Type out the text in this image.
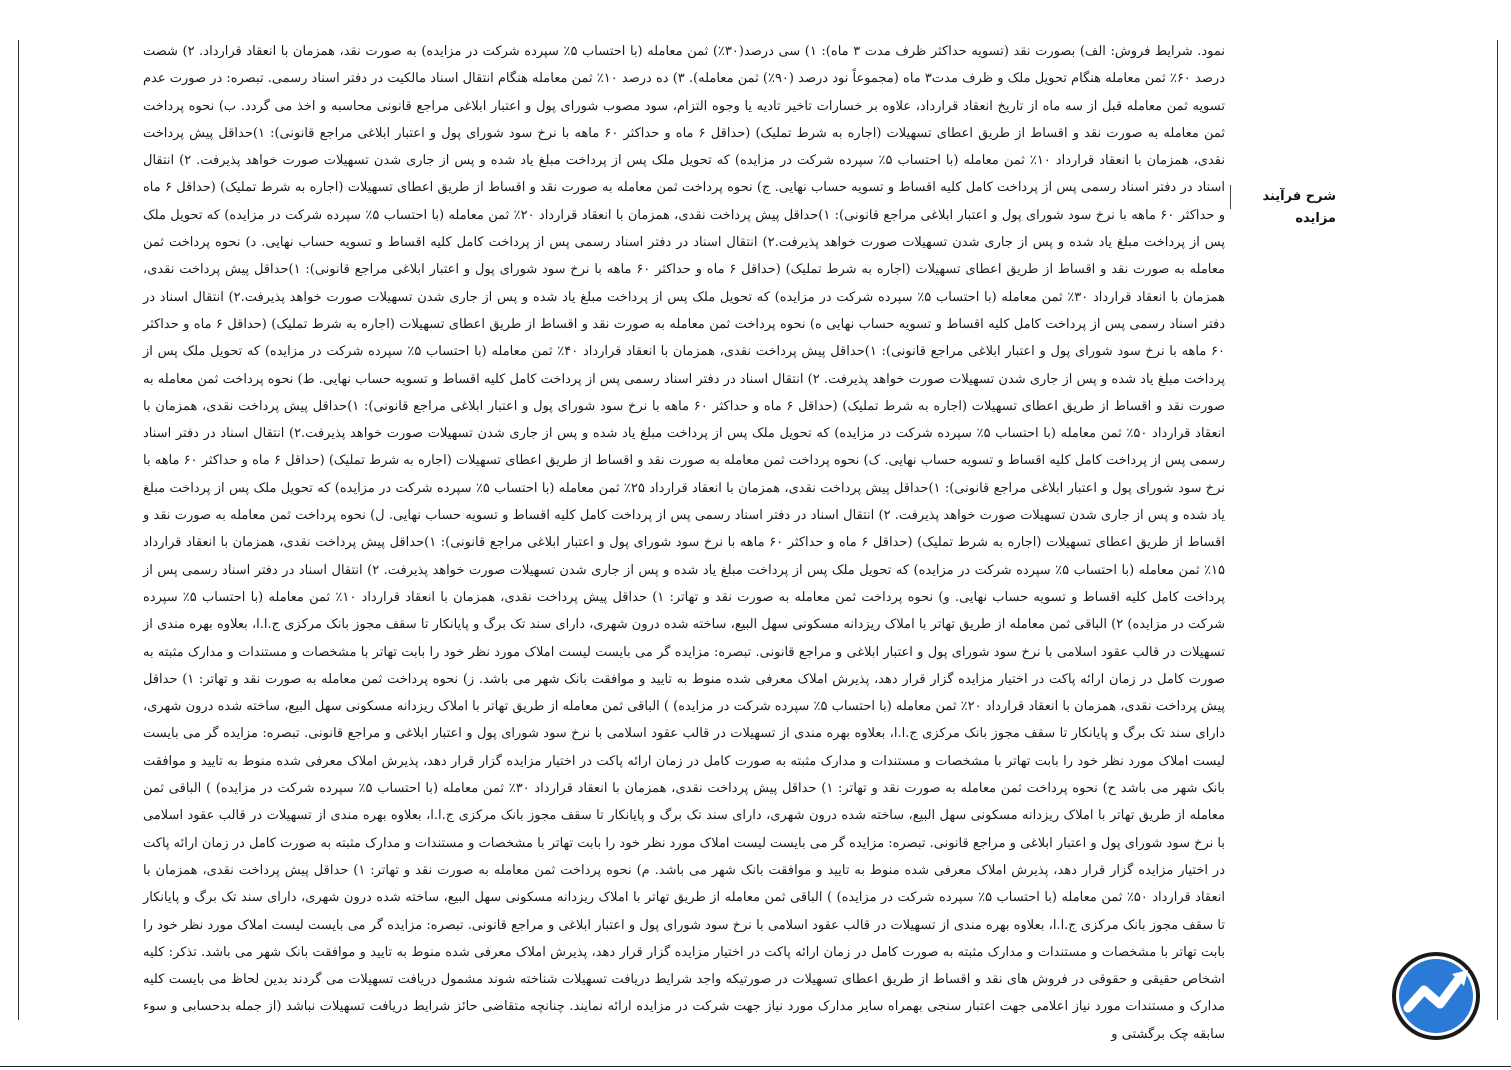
شرح فرآیند مزایده
نمود. شرایط فروش: الف) بصورت نقد (تسویه حداکثر ظرف مدت ۳ ماه): ۱) سی درصد(۳۰٪) ثمن معامله (با احتساب ۵٪ سپرده شرکت در مزایده) به صورت نقد، همزمان با انعقاد قرارداد. ۲) شصت درصد ۶۰٪ ثمن معامله هنگام تحویل ملک و ظرف مدت۳ ماه (مجموعاً نود درصد (۹۰٪) ثمن معامله). ۳) ده درصد ۱۰٪ ثمن معامله هنگام انتقال اسناد مالکیت در دفتر اسناد رسمی. تبصره: در صورت عدم تسویه ثمن معامله قبل از سه ماه از تاریخ انعقاد قرارداد، علاوه بر خسارات تاخیر تادیه یا وجوه التزام، سود مصوب شورای پول و اعتبار ابلاغی مراجع قانونی محاسبه و اخذ می گردد. ب) نحوه پرداخت ثمن معامله به صورت نقد و اقساط از طریق اعطای تسهیلات (اجاره به شرط تملیک) (حداقل ۶ ماه و حداکثر ۶۰ ماهه با نرخ سود شورای پول و اعتبار ابلاغی مراجع قانونی): ۱)حداقل پیش پرداخت نقدی، همزمان با انعقاد قرارداد ۱۰٪ ثمن معامله (با احتساب ۵٪ سپرده شرکت در مزایده) که تحویل ملک پس از پرداخت مبلغ یاد شده و پس از جاری شدن تسهیلات صورت خواهد پذیرفت. ۲) انتقال اسناد در دفتر اسناد رسمی پس از پرداخت کامل کلیه اقساط و تسویه حساب نهایی. ج) نحوه پرداخت ثمن معامله به صورت نقد و اقساط از طریق اعطای تسهیلات (اجاره به شرط تملیک) (حداقل ۶ ماه و حداکثر ۶۰ ماهه با نرخ سود شورای پول و اعتبار ابلاغی مراجع قانونی): ۱)حداقل پیش پرداخت نقدی، همزمان با انعقاد قرارداد ۲۰٪ ثمن معامله (با احتساب ۵٪ سپرده شرکت در مزایده) که تحویل ملک پس از پرداخت مبلغ یاد شده و پس از جاری شدن تسهیلات صورت خواهد پذیرفت.۲) انتقال اسناد در دفتر اسناد رسمی پس از پرداخت کامل کلیه اقساط و تسویه حساب نهایی. د) نحوه پرداخت ثمن معامله به صورت نقد و اقساط از طریق اعطای تسهیلات (اجاره به شرط تملیک) (حداقل ۶ ماه و حداکثر ۶۰ ماهه با نرخ سود شورای پول و اعتبار ابلاغی مراجع قانونی): ۱)حداقل پیش پرداخت نقدی، همزمان با انعقاد قرارداد ۳۰٪ ثمن معامله (با احتساب ۵٪ سپرده شرکت در مزایده) که تحویل ملک پس از پرداخت مبلغ یاد شده و پس از جاری شدن تسهیلات صورت خواهد پذیرفت.۲) انتقال اسناد در دفتر اسناد رسمی پس از پرداخت کامل کلیه اقساط و تسویه حساب نهایی ه) نحوه پرداخت ثمن معامله به صورت نقد و اقساط از طریق اعطای تسهیلات (اجاره به شرط تملیک) (حداقل ۶ ماه و حداکثر ۶۰ ماهه با نرخ سود شورای پول و اعتبار ابلاغی مراجع قانونی): ۱)حداقل پیش پرداخت نقدی، همزمان با انعقاد قرارداد ۴۰٪ ثمن معامله (با احتساب ۵٪ سپرده شرکت در مزایده) که تحویل ملک پس از پرداخت مبلغ یاد شده و پس از جاری شدن تسهیلات صورت خواهد پذیرفت. ۲) انتقال اسناد در دفتر اسناد رسمی پس از پرداخت کامل کلیه اقساط و تسویه حساب نهایی. ط) نحوه پرداخت ثمن معامله به صورت نقد و اقساط از طریق اعطای تسهیلات (اجاره به شرط تملیک) (حداقل ۶ ماه و حداکثر ۶۰ ماهه با نرخ سود شورای پول و اعتبار ابلاغی مراجع قانونی): ۱)حداقل پیش پرداخت نقدی، همزمان با انعقاد قرارداد ۵۰٪ ثمن معامله (با احتساب ۵٪ سپرده شرکت در مزایده) که تحویل ملک پس از پرداخت مبلغ یاد شده و پس از جاری شدن تسهیلات صورت خواهد پذیرفت.۲) انتقال اسناد در دفتر اسناد رسمی پس از پرداخت کامل کلیه اقساط و تسویه حساب نهایی. ک) نحوه پرداخت ثمن معامله به صورت نقد و اقساط از طریق اعطای تسهیلات (اجاره به شرط تملیک) (حداقل ۶ ماه و حداکثر ۶۰ ماهه با نرخ سود شورای پول و اعتبار ابلاغی مراجع قانونی): ۱)حداقل پیش پرداخت نقدی، همزمان با انعقاد قرارداد ۲۵٪ ثمن معامله (با احتساب ۵٪ سپرده شرکت در مزایده) که تحویل ملک پس از پرداخت مبلغ یاد شده و پس از جاری شدن تسهیلات صورت خواهد پذیرفت. ۲) انتقال اسناد در دفتر اسناد رسمی پس از پرداخت کامل کلیه اقساط و تسویه حساب نهایی. ل) نحوه پرداخت ثمن معامله به صورت نقد و اقساط از طریق اعطای تسهیلات (اجاره به شرط تملیک) (حداقل ۶ ماه و حداکثر ۶۰ ماهه با نرخ سود شورای پول و اعتبار ابلاغی مراجع قانونی): ۱)حداقل پیش پرداخت نقدی، همزمان با انعقاد قرارداد ۱۵٪ ثمن معامله (با احتساب ۵٪ سپرده شرکت در مزایده) که تحویل ملک پس از پرداخت مبلغ یاد شده و پس از جاری شدن تسهیلات صورت خواهد پذیرفت. ۲) انتقال اسناد در دفتر اسناد رسمی پس از پرداخت کامل کلیه اقساط و تسویه حساب نهایی. و) نحوه پرداخت ثمن معامله به صورت نقد و تهاتر: ۱) حداقل پیش پرداخت نقدی، همزمان با انعقاد قرارداد ۱۰٪ ثمن معامله (با احتساب ۵٪ سپرده شرکت در مزایده) ۲) الباقی ثمن معامله از طریق تهاتر با املاک ریزدانه مسکونی سهل البیع، ساخته شده درون شهری، دارای سند تک برگ و پایانکار تا سقف مجوز بانک مرکزی ج.ا.ا، بعلاوه بهره مندی از تسهیلات در قالب عقود اسلامی با نرخ سود شورای پول و اعتبار ابلاغی و مراجع قانونی. تبصره: مزایده گر می بایست لیست املاک مورد نظر خود را بابت تهاتر با مشخصات و مستندات و مدارک مثبته به صورت کامل در زمان ارائه پاکت در اختیار مزایده گزار قرار دهد، پذیرش املاک معرفی شده منوط به تایید و موافقت بانک شهر می باشد. ز) نحوه پرداخت ثمن معامله به صورت نقد و تهاتر: ۱) حداقل پیش پرداخت نقدی، همزمان با انعقاد قرارداد ۲۰٪ ثمن معامله (با احتساب ۵٪ سپرده شرکت در مزایده) ) الباقی ثمن معامله از طریق تهاتر با املاک ریزدانه مسکونی سهل البیع، ساخته شده درون شهری، دارای سند تک برگ و پایانکار تا سقف مجوز بانک مرکزی ج.ا.ا، بعلاوه بهره مندی از تسهیلات در قالب عقود اسلامی با نرخ سود شورای پول و اعتبار ابلاغی و مراجع قانونی. تبصره: مزایده گر می بایست لیست املاک مورد نظر خود را بابت تهاتر با مشخصات و مستندات و مدارک مثبته به صورت کامل در زمان ارائه پاکت در اختیار مزایده گزار قرار دهد، پذیرش املاک معرفی شده منوط به تایید و موافقت بانک شهر می باشد ح) نحوه پرداخت ثمن معامله به صورت نقد و تهاتر: ۱) حداقل پیش پرداخت نقدی، همزمان با انعقاد قرارداد ۳۰٪ ثمن معامله (با احتساب ۵٪ سپرده شرکت در مزایده) ) الباقی ثمن معامله از طریق تهاتر با املاک ریزدانه مسکونی سهل البیع، ساخته شده درون شهری، دارای سند تک برگ و پایانکار تا سقف مجوز بانک مرکزی ج.ا.ا، بعلاوه بهره مندی از تسهیلات در قالب عقود اسلامی با نرخ سود شورای پول و اعتبار ابلاغی و مراجع قانونی. تبصره: مزایده گر می بایست لیست املاک مورد نظر خود را بابت تهاتر با مشخصات و مستندات و مدارک مثبته به صورت کامل در زمان ارائه پاکت در اختیار مزایده گزار قرار دهد، پذیرش املاک معرفی شده منوط به تایید و موافقت بانک شهر می باشد. م) نحوه پرداخت ثمن معامله به صورت نقد و تهاتر: ۱) حداقل پیش پرداخت نقدی، همزمان با انعقاد قرارداد ۵۰٪ ثمن معامله (با احتساب ۵٪ سپرده شرکت در مزایده) ) الباقی ثمن معامله از طریق تهاتر با املاک ریزدانه مسکونی سهل البیع، ساخته شده درون شهری، دارای سند تک برگ و پایانکار تا سقف مجوز بانک مرکزی ج.ا.ا، بعلاوه بهره مندی از تسهیلات در قالب عقود اسلامی با نرخ سود شورای پول و اعتبار ابلاغی و مراجع قانونی. تبصره: مزایده گر می بایست لیست املاک مورد نظر خود را بابت تهاتر با مشخصات و مستندات و مدارک مثبته به صورت کامل در زمان ارائه پاکت در اختیار مزایده گزار قرار دهد، پذیرش املاک معرفی شده منوط به تایید و موافقت بانک شهر می باشد. تذکر: کلیه اشخاص حقیقی و حقوقی در فروش های نقد و اقساط از طریق اعطای تسهیلات در صورتیکه واجد شرایط دریافت تسهیلات شناخته شوند مشمول دریافت تسهیلات می گردند بدین لحاظ می بایست کلیه مدارک و مستندات مورد نیاز اعلامی جهت اعتبار سنجی بهمراه سایر مدارک مورد نیاز جهت شرکت در مزایده ارائه نمایند. چنانچه متقاضی حائز شرایط دریافت تسهیلات نباشد (از جمله بدحسابی و سوء سابقه چک برگشتی و
